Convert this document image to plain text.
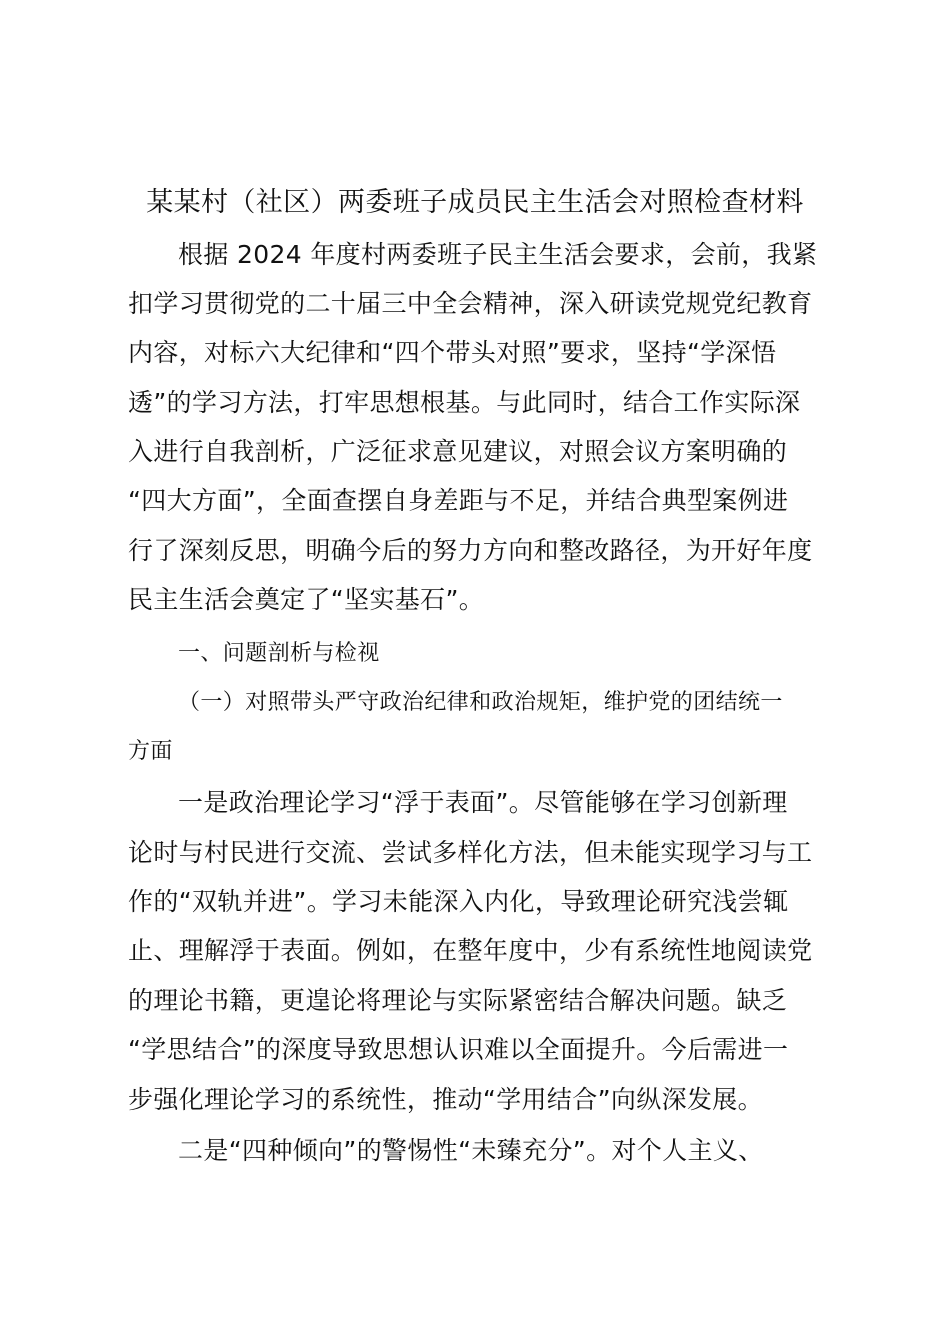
某某村（社区）两委班子成员民主生活会对照检查材料
根据 2024 年度村两委班子民主生活会要求，会前，我紧
扣学习贯彻党的二十届三中全会精神，深入研读党规党纪教育
内容，对标六大纪律和“四个带头对照”要求，坚持“学深悟
透”的学习方法，打牢思想根基。与此同时，结合工作实际深
入进行自我剖析，广泛征求意见建议，对照会议方案明确的
“四大方面”，全面查摆自身差距与不足，并结合典型案例进
行了深刻反思，明确今后的努力方向和整改路径，为开好年度
民主生活会奠定了“坚实基石”。
一、问题剖析与检视
（一）对照带头严守政治纪律和政治规矩，维护党的团结统一
方面
一是政治理论学习“浮于表面”。尽管能够在学习创新理
论时与村民进行交流、尝试多样化方法，但未能实现学习与工
作的“双轨并进”。学习未能深入内化，导致理论研究浅尝辄
止、理解浮于表面。例如，在整年度中，少有系统性地阅读党
的理论书籍，更遑论将理论与实际紧密结合解决问题。缺乏
“学思结合”的深度导致思想认识难以全面提升。今后需进一
步强化理论学习的系统性，推动“学用结合”向纵深发展。
二是“四种倾向”的警惕性“未臻充分”。对个人主义、
